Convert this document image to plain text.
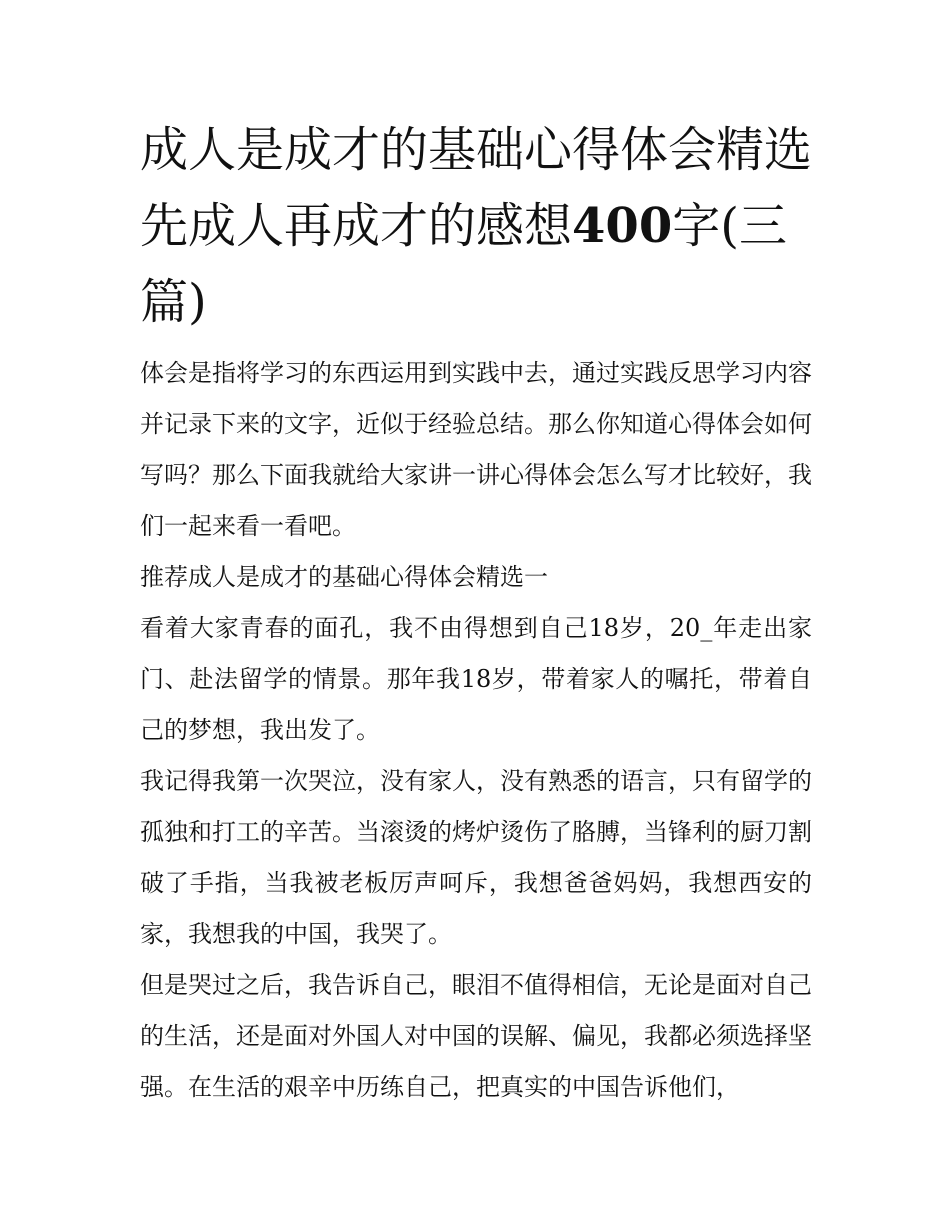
成人是成才的基础心得体会精选 先成人再成才的感想400字(三篇)

体会是指将学习的东西运用到实践中去，通过实践反思学习内容并记录下来的文字，近似于经验总结。那么你知道心得体会如何写吗？那么下面我就给大家讲一讲心得体会怎么写才比较好，我们一起来看一看吧。

推荐成人是成才的基础心得体会精选一

看着大家青春的面孔，我不由得想到自己18岁，20_年走出家门、赴法留学的情景。那年我18岁，带着家人的嘱托，带着自己的梦想，我出发了。

我记得我第一次哭泣，没有家人，没有熟悉的语言，只有留学的孤独和打工的辛苦。当滚烫的烤炉烫伤了胳膊，当锋利的厨刀割破了手指，当我被老板厉声呵斥，我想爸爸妈妈，我想西安的家，我想我的中国，我哭了。

但是哭过之后，我告诉自己，眼泪不值得相信，无论是面对自己的生活，还是面对外国人对中国的误解、偏见，我都必须选择坚强。在生活的艰辛中历练自己，把真实的中国告诉他们，
